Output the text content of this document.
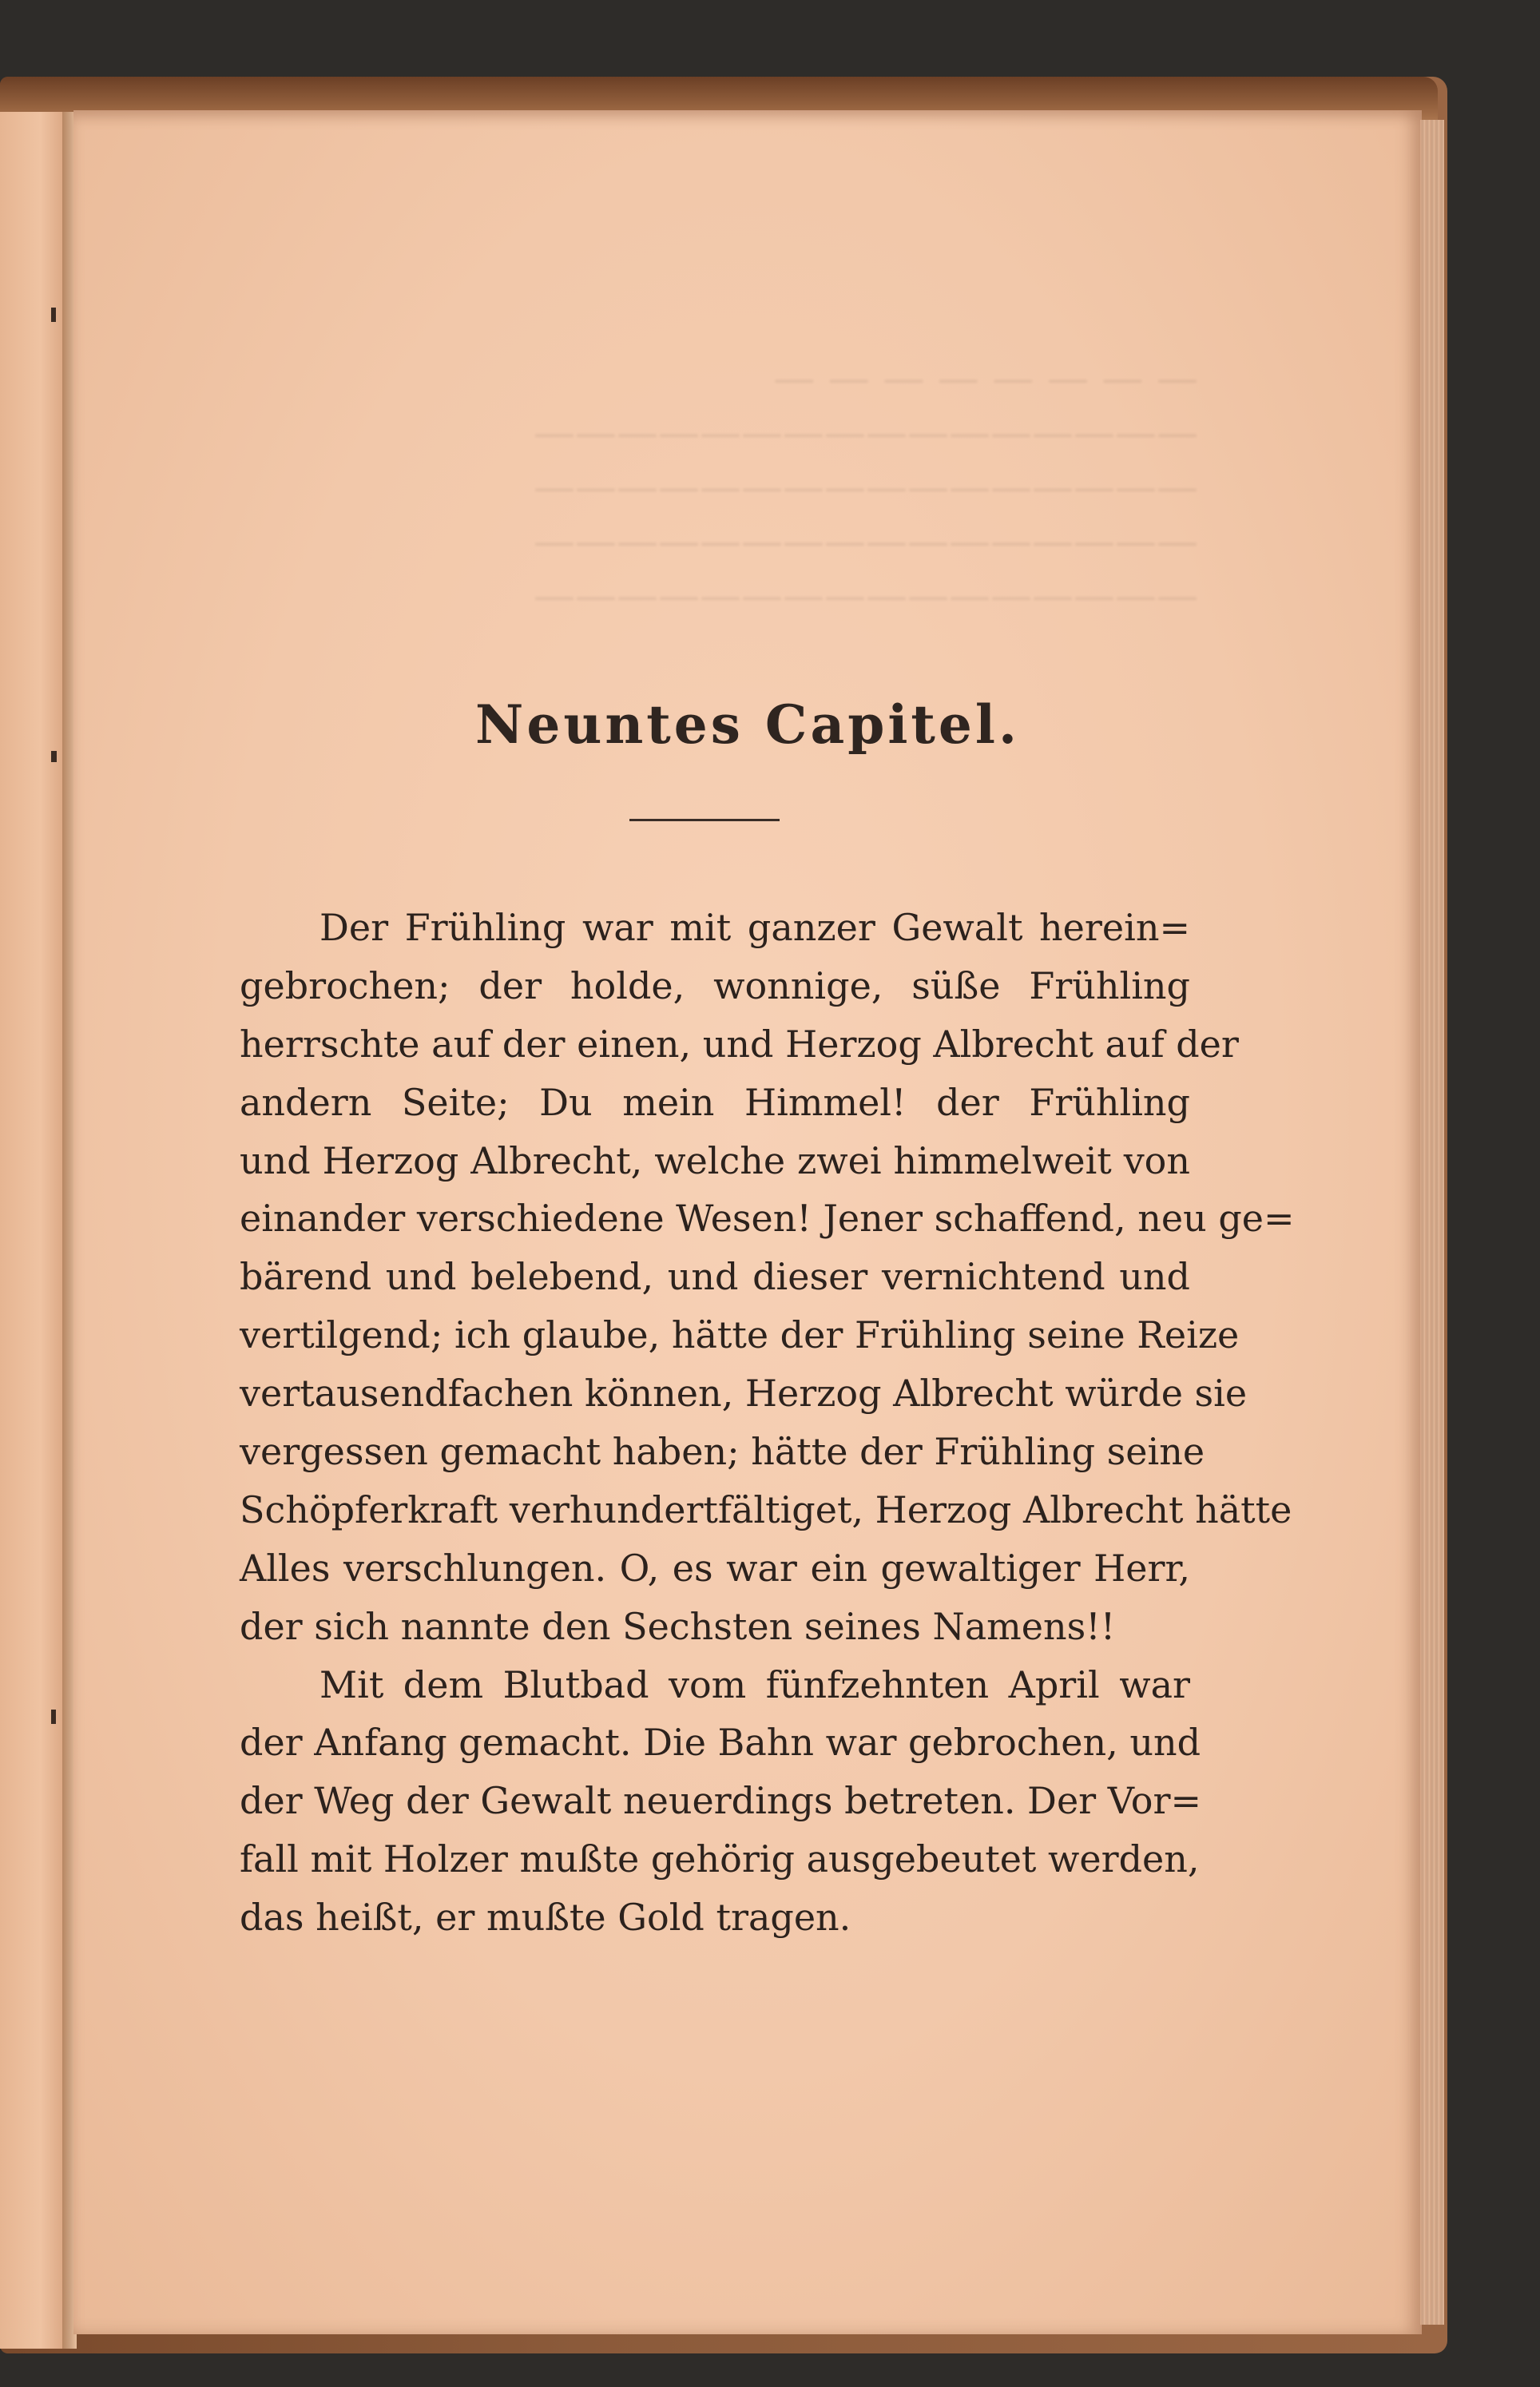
— — — — — — — —
————————————————
————————————————
————————————————
————————————————
Neuntes Capitel.
Der Frühling war mit ganzer Gewalt herein=
gebrochen; der holde, wonnige, süße Frühling
herrschte auf der einen, und Herzog Albrecht auf der
andern Seite; Du mein Himmel! der Frühling
und Herzog Albrecht, welche zwei himmelweit von
einander verschiedene Wesen! Jener schaffend, neu ge=
bärend und belebend, und dieser vernichtend und
vertilgend; ich glaube, hätte der Frühling seine Reize
vertausendfachen können, Herzog Albrecht würde sie
vergessen gemacht haben; hätte der Frühling seine
Schöpferkraft verhundertfältiget, Herzog Albrecht hätte
Alles verschlungen. O, es war ein gewaltiger Herr,
der sich nannte den Sechsten seines Namens!!
Mit dem Blutbad vom fünfzehnten April war
der Anfang gemacht. Die Bahn war gebrochen, und
der Weg der Gewalt neuerdings betreten. Der Vor=
fall mit Holzer mußte gehörig ausgebeutet werden,
das heißt, er mußte Gold tragen.
